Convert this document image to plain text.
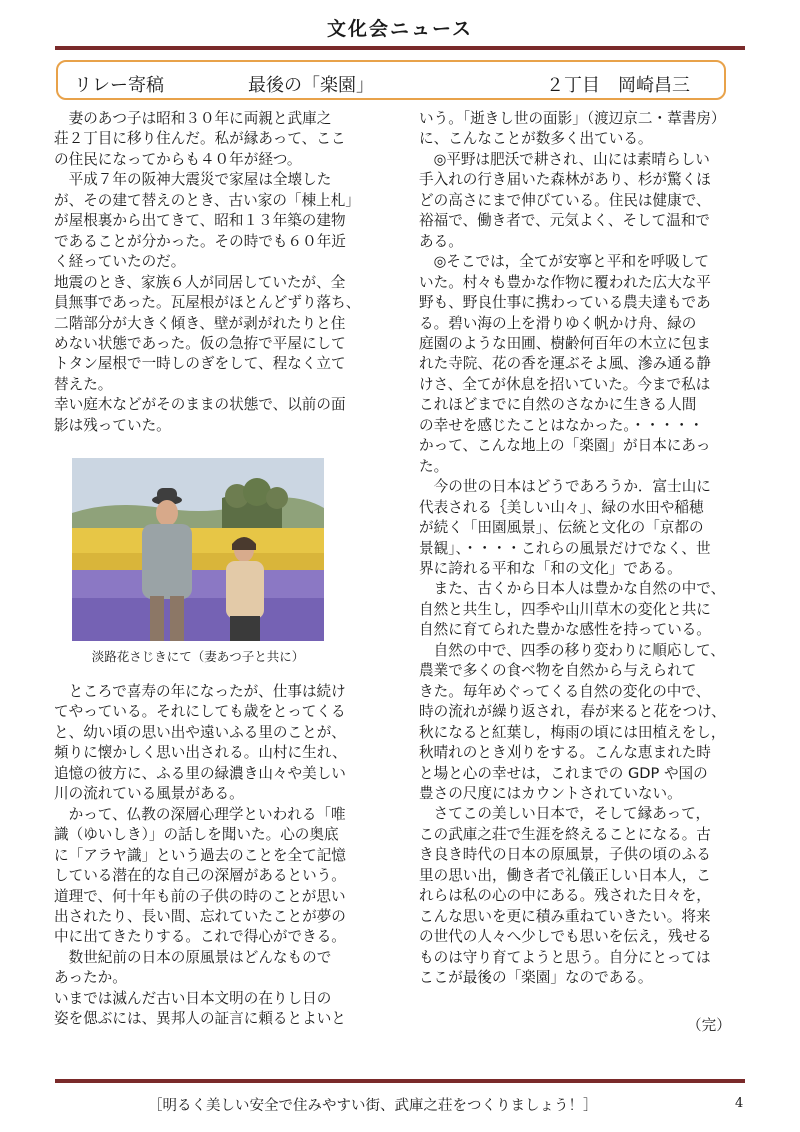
文化会ニュース
リレー寄稿	最後の「楽園」	２丁目　岡崎昌三

　妻のあつ子は昭和３０年に両親と武庫之

荘２丁目に移り住んだ。私が縁あって、ここ

の住民になってからも４０年が経つ。

　平成７年の阪神大震災で家屋は全壊した

が、その建て替えのとき、古い家の「棟上札」

が屋根裏から出てきて、昭和１３年築の建物

であることが分かった。その時でも６０年近

く経っていたのだ。

地震のとき、家族６人が同居していたが、全

員無事であった。瓦屋根がほとんどずり落ち、

二階部分が大きく傾き、壁が剥がれたりと住

めない状態であった。仮の急拵で平屋にして

トタン屋根で一時しのぎをして、程なく立て

替えた。

幸い庭木などがそのままの状態で、以前の面

影は残っていた。

淡路花さじきにて（妻あつ子と共に）

　ところで喜寿の年になったが、仕事は続け

てやっている。それにしても歳をとってくる

と、幼い頃の思い出や遠いふる里のことが、

頻りに懐かしく思い出される。山村に生れ、

追憶の彼方に、ふる里の緑濃き山々や美しい

川の流れている風景がある。

　かって、仏教の深層心理学といわれる「唯

識（ゆいしき）」の話しを聞いた。心の奥底

に「アラヤ識」という過去のことを全て記憶

している潜在的な自己の深層があるという。

道理で、何十年も前の子供の時のことが思い

出されたり、長い間、忘れていたことが夢の

中に出てきたりする。これで得心ができる。

　数世紀前の日本の原風景はどんなもので

あったか。

いまでは滅んだ古い日本文明の在りし日の

姿を偲ぶには、異邦人の証言に頼るとよいと

いう。「逝きし世の面影」（渡辺京二・葦書房）

に、こんなことが数多く出ている。

　◎平野は肥沃で耕され、山には素晴らしい

手入れの行き届いた森林があり、杉が驚くほ

どの高さにまで伸びている。住民は健康で、

裕福で、働き者で、元気よく、そして温和で

ある。

　◎そこでは，全てが安寧と平和を呼吸して

いた。村々も豊かな作物に覆われた広大な平

野も、野良仕事に携わっている農夫達もであ

る。碧い海の上を滑りゆく帆かけ舟、緑の

庭園のような田圃、樹齢何百年の木立に包ま

れた寺院、花の香を運ぶそよ風、滲み通る静

けさ、全てが休息を招いていた。今まで私は

これほどまでに自然のさなかに生きる人間

の幸せを感じたことはなかった。・・・・・

かって、こんな地上の「楽園」が日本にあっ

た。

　今の世の日本はどうであろうか．富士山に

代表される｛美しい山々」、緑の水田や稲穂

が続く「田園風景」、伝統と文化の「京都の

景観」、・・・・これらの風景だけでなく、世

界に誇れる平和な「和の文化」である。

　また、古くから日本人は豊かな自然の中で、

自然と共生し，四季や山川草木の変化と共に

自然に育てられた豊かな感性を持っている。

　自然の中で、四季の移り変わりに順応して、

農業で多くの食べ物を自然から与えられて

きた。毎年めぐってくる自然の変化の中で、

時の流れが繰り返され，春が来ると花をつけ、

秋になると紅葉し，梅雨の頃には田植えをし，

秋晴れのとき刈りをする。こんな恵まれた時

と場と心の幸せは，これまでの GDP や国の

豊さの尺度にはカウントされていない。

　さてこの美しい日本で，そして縁あって，

この武庫之荘で生涯を終えることになる。古

き良き時代の日本の原風景，子供の頃のふる

里の思い出，働き者で礼儀正しい日本人，こ

れらは私の心の中にある。残された日々を，

こんな思いを更に積み重ねていきたい。将来

の世代の人々へ少しでも思いを伝え，残せる

ものは守り育てようと思う。自分にとっては

ここが最後の「楽園」なのである。

（完）
［明るく美しい安全で住みやすい街、武庫之荘をつくりましょう！］	4
